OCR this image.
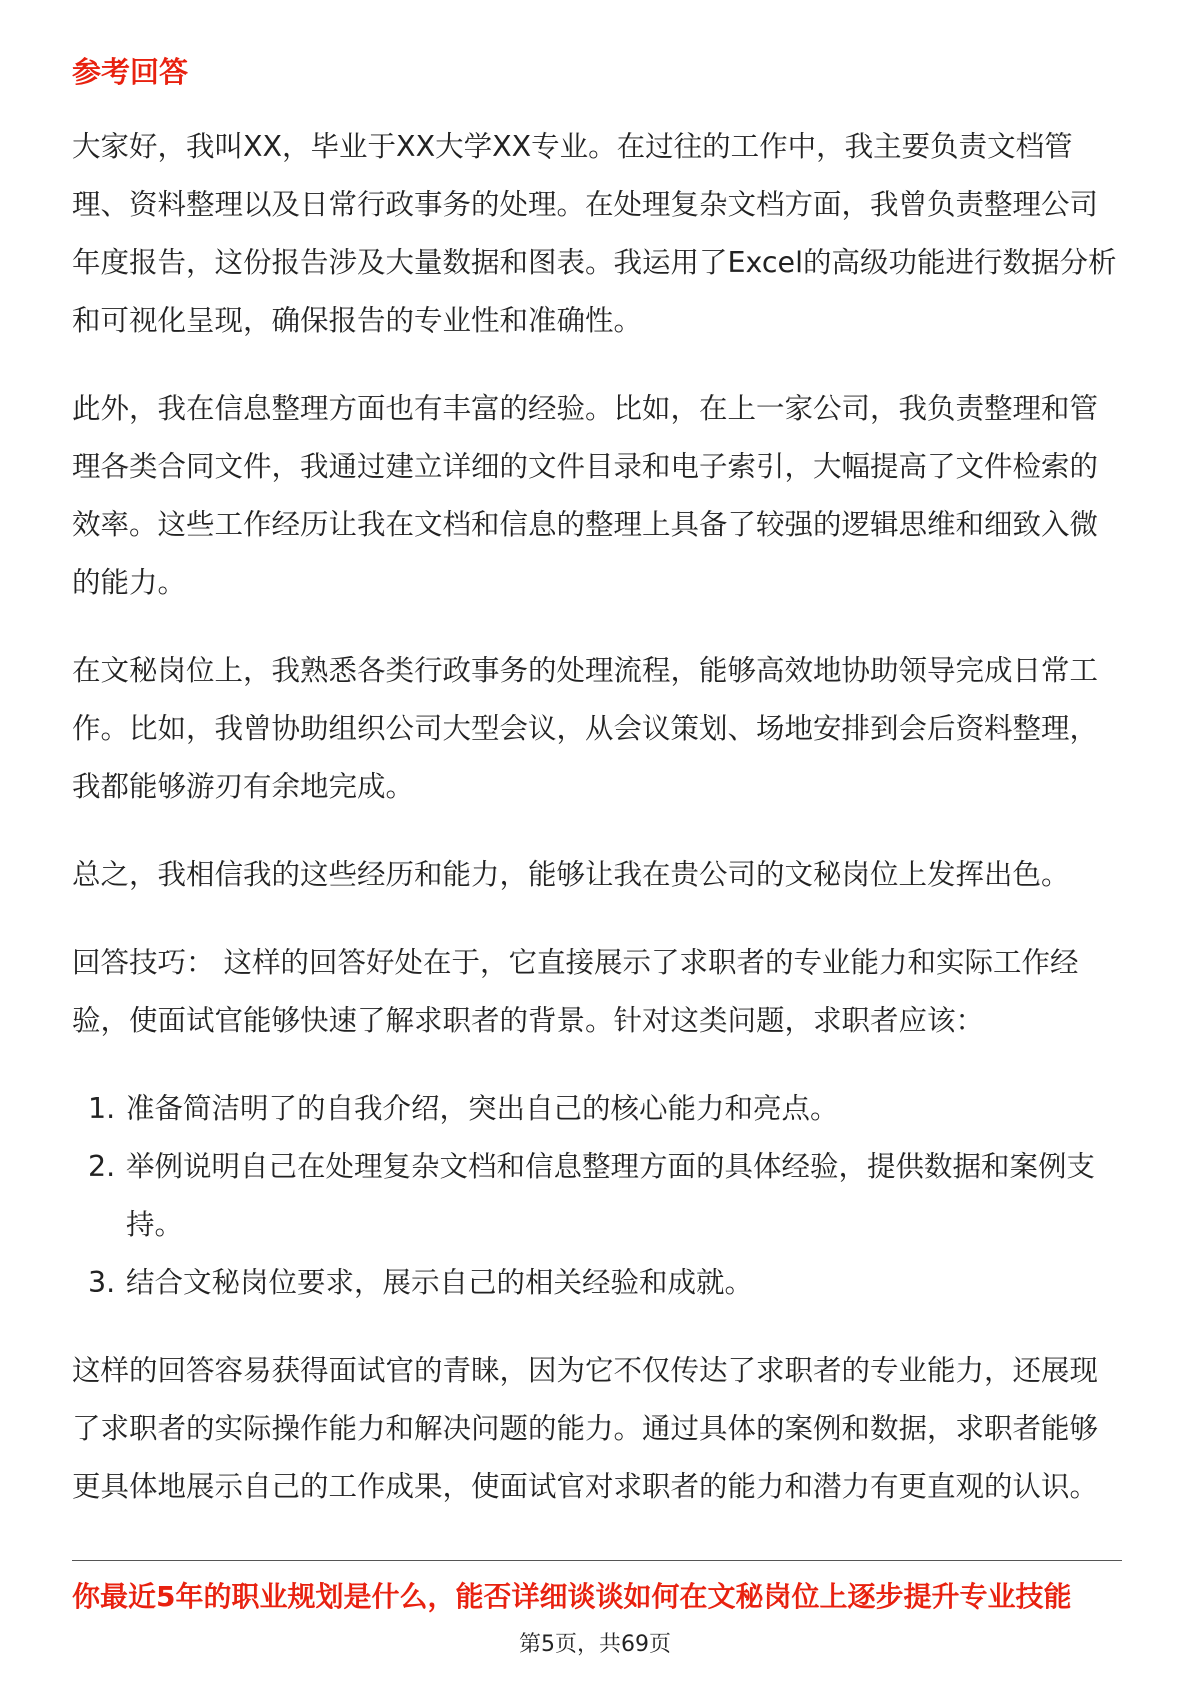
参考回答

大家好，我叫XX，毕业于XX大学XX专业。在过往的工作中，我主要负责文档管理、资料整理以及日常行政事务的处理。在处理复杂文档方面，我曾负责整理公司年度报告，这份报告涉及大量数据和图表。我运用了Excel的高级功能进行数据分析和可视化呈现，确保报告的专业性和准确性。

此外，我在信息整理方面也有丰富的经验。比如，在上一家公司，我负责整理和管理各类合同文件，我通过建立详细的文件目录和电子索引，大幅提高了文件检索的效率。这些工作经历让我在文档和信息的整理上具备了较强的逻辑思维和细致入微的能力。

在文秘岗位上，我熟悉各类行政事务的处理流程，能够高效地协助领导完成日常工作。比如，我曾协助组织公司大型会议，从会议策划、场地安排到会后资料整理，我都能够游刃有余地完成。

总之，我相信我的这些经历和能力，能够让我在贵公司的文秘岗位上发挥出色。

回答技巧： 这样的回答好处在于，它直接展示了求职者的专业能力和实际工作经验，使面试官能够快速了解求职者的背景。针对这类问题，求职者应该：

1. 准备简洁明了的自我介绍，突出自己的核心能力和亮点。
2. 举例说明自己在处理复杂文档和信息整理方面的具体经验，提供数据和案例支持。
3. 结合文秘岗位要求，展示自己的相关经验和成就。

这样的回答容易获得面试官的青睐，因为它不仅传达了求职者的专业能力，还展现了求职者的实际操作能力和解决问题的能力。通过具体的案例和数据，求职者能够更具体地展示自己的工作成果，使面试官对求职者的能力和潜力有更直观的认识。

你最近5年的职业规划是什么，能否详细谈谈如何在文秘岗位上逐步提升专业技能
第5页，共69页
